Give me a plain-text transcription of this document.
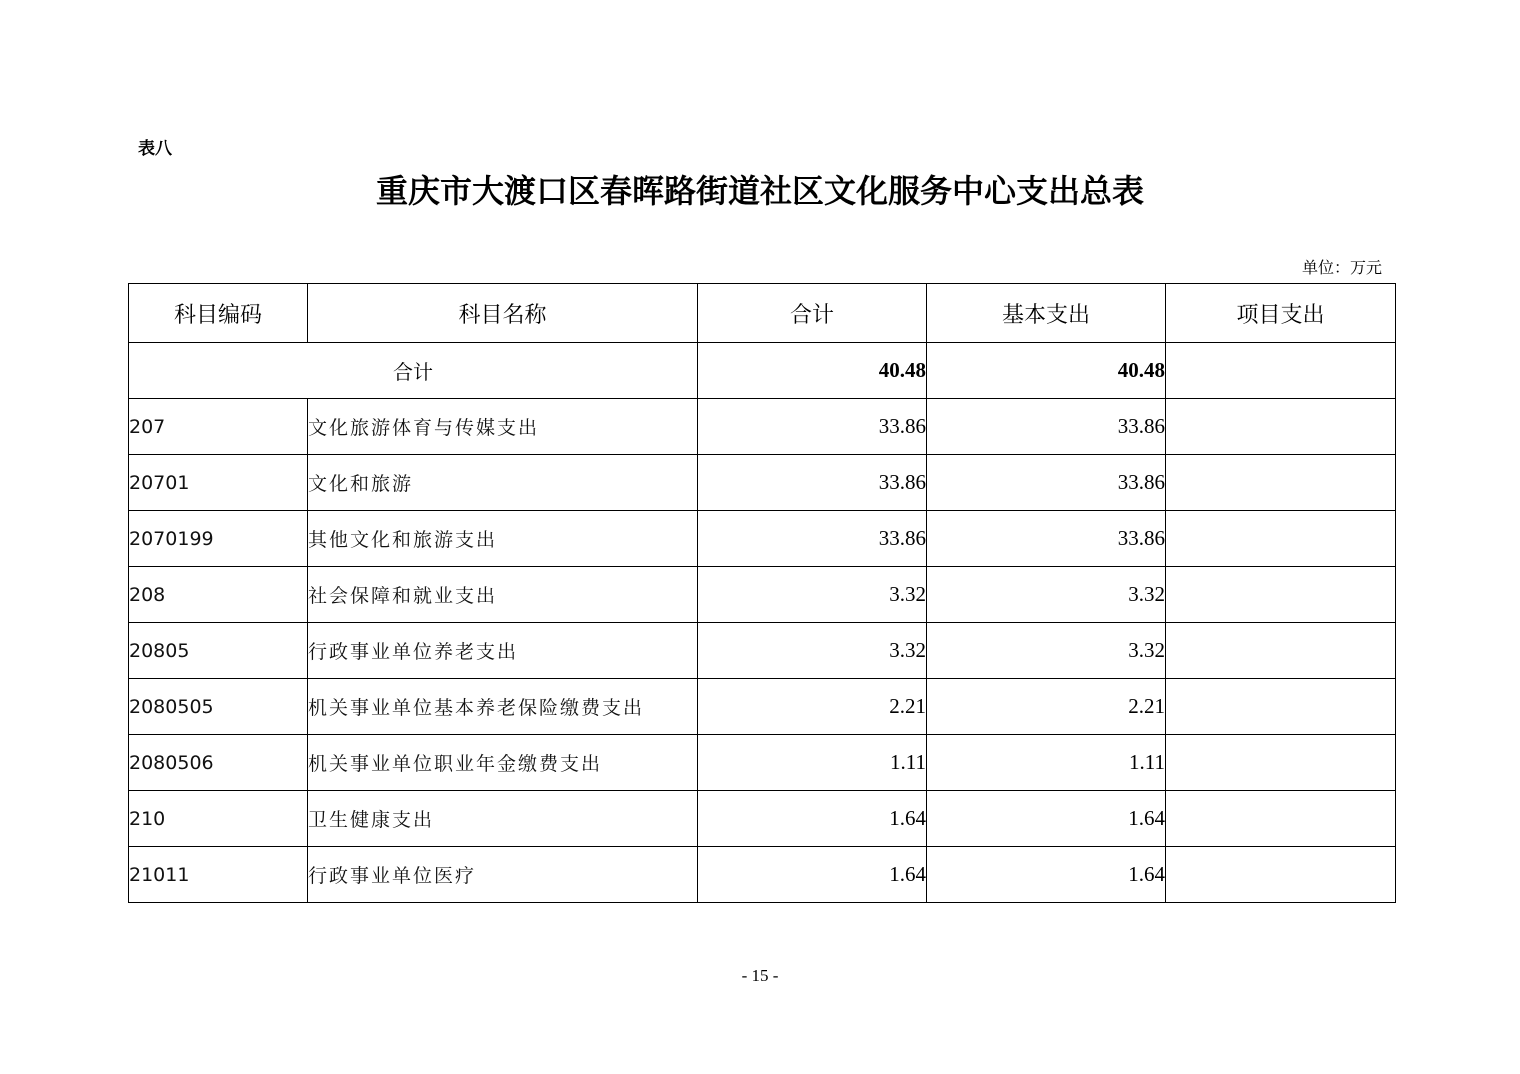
表八
重庆市大渡口区春晖路街道社区文化服务中心支出总表
单位：万元
科目编码	科目名称	合计	基本支出	项目支出
合计		40.48	40.48	
207	文化旅游体育与传媒支出	33.86	33.86	
20701	文化和旅游	33.86	33.86	
2070199	其他文化和旅游支出	33.86	33.86	
208	社会保障和就业支出	3.32	3.32	
20805	行政事业单位养老支出	3.32	3.32	
2080505	机关事业单位基本养老保险缴费支出	2.21	2.21	
2080506	机关事业单位职业年金缴费支出	1.11	1.11	
210	卫生健康支出	1.64	1.64	
21011	行政事业单位医疗	1.64	1.64	
- 15 -
